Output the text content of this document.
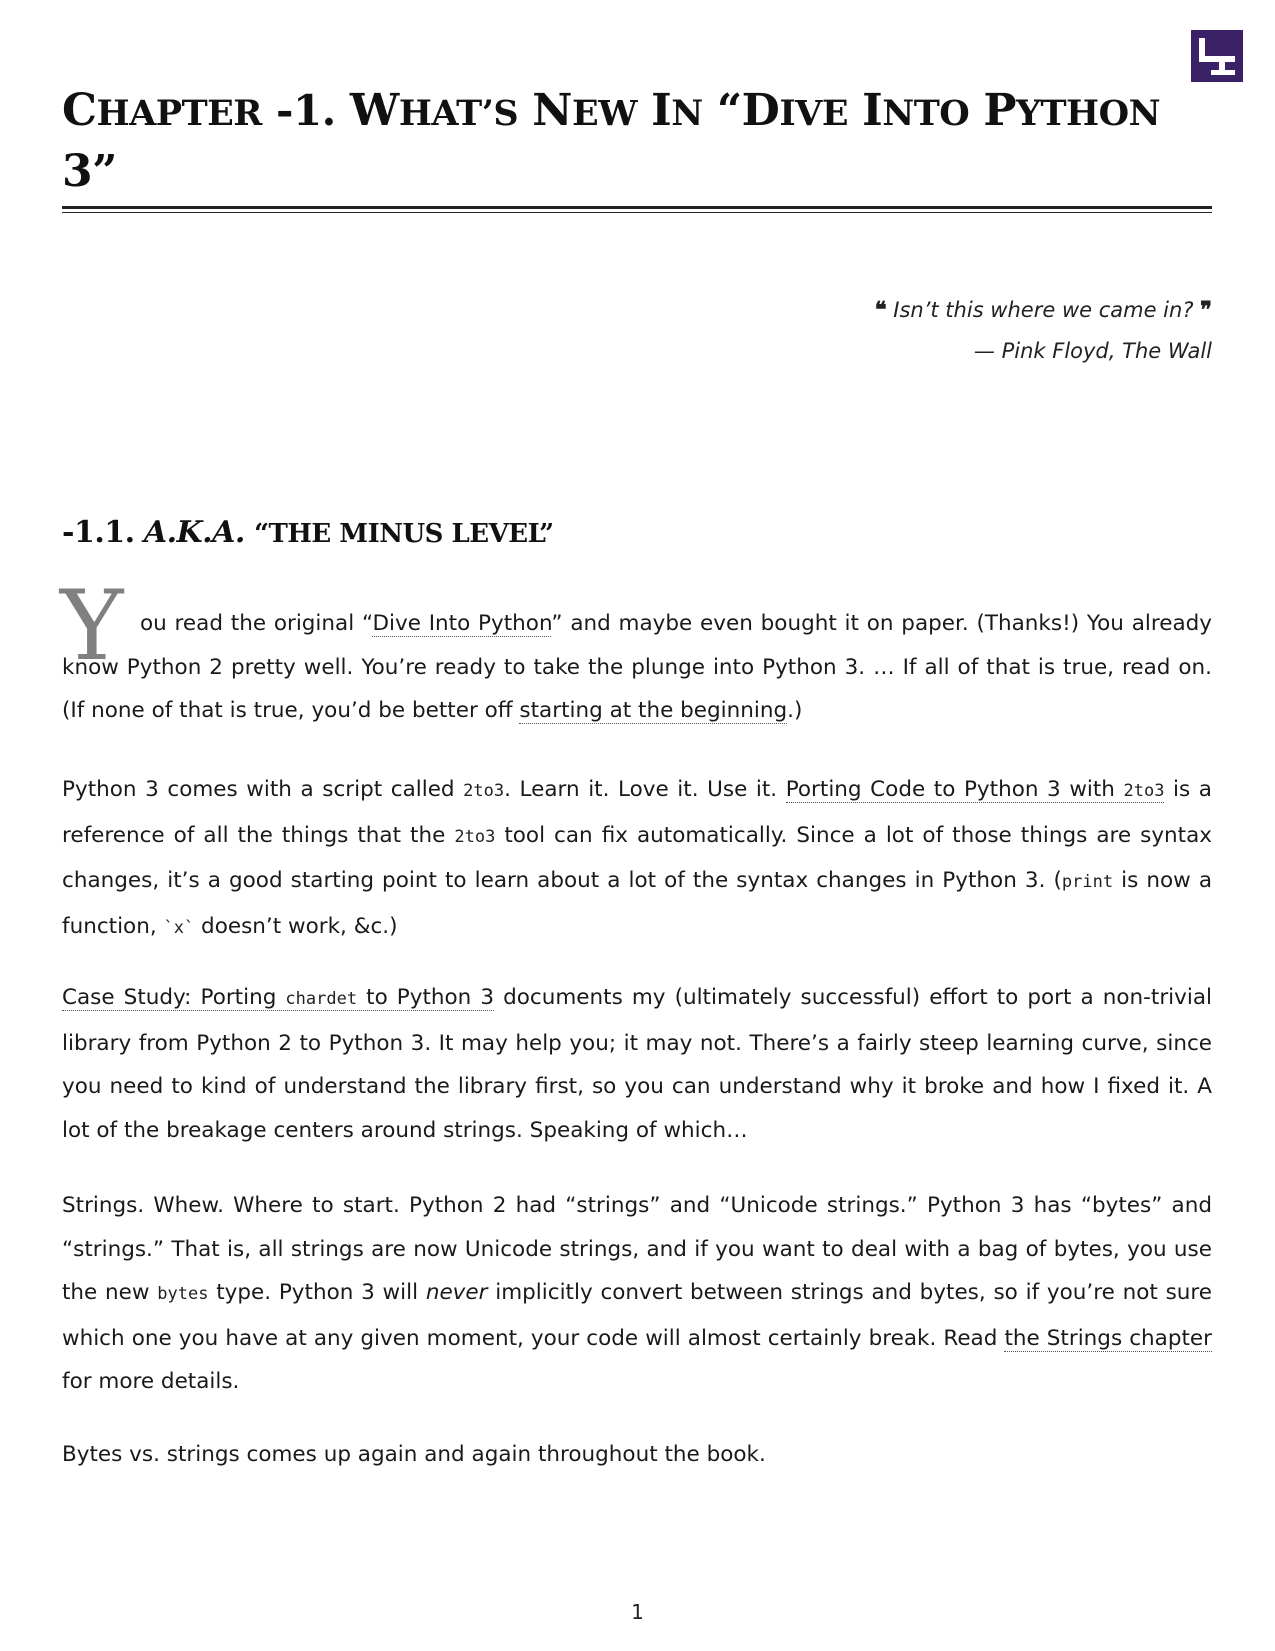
CHAPTER -1. WHAT’S NEW IN “DIVE INTO PYTHON
3”
❝ Isn’t this where we came in? ❞
— Pink Floyd, The Wall
-1.1. A.K.A. “THE MINUS LEVEL”
Y ou read the original “Dive Into Python” and maybe even bought it on paper. (Thanks!) You already
know Python 2 pretty well. You’re ready to take the plunge into Python 3. … If all of that is true, read on.
(If none of that is true, you’d be better off starting at the beginning.)
Python 3 comes with a script called 2to3. Learn it. Love it. Use it. Porting Code to Python 3 with 2to3 is a
reference of all the things that the 2to3 tool can fix automatically. Since a lot of those things are syntax
changes, it’s a good starting point to learn about a lot of the syntax changes in Python 3. (print is now a
function, `x` doesn’t work, &c.)
Case Study: Porting chardet to Python 3 documents my (ultimately successful) effort to port a non-trivial
library from Python 2 to Python 3. It may help you; it may not. There’s a fairly steep learning curve, since
you need to kind of understand the library first, so you can understand why it broke and how I fixed it. A
lot of the breakage centers around strings. Speaking of which…
Strings. Whew. Where to start. Python 2 had “strings” and “Unicode strings.” Python 3 has “bytes” and
“strings.” That is, all strings are now Unicode strings, and if you want to deal with a bag of bytes, you use
the new bytes type. Python 3 will never implicitly convert between strings and bytes, so if you’re not sure
which one you have at any given moment, your code will almost certainly break. Read the Strings chapter
for more details.
Bytes vs. strings comes up again and again throughout the book.
1
